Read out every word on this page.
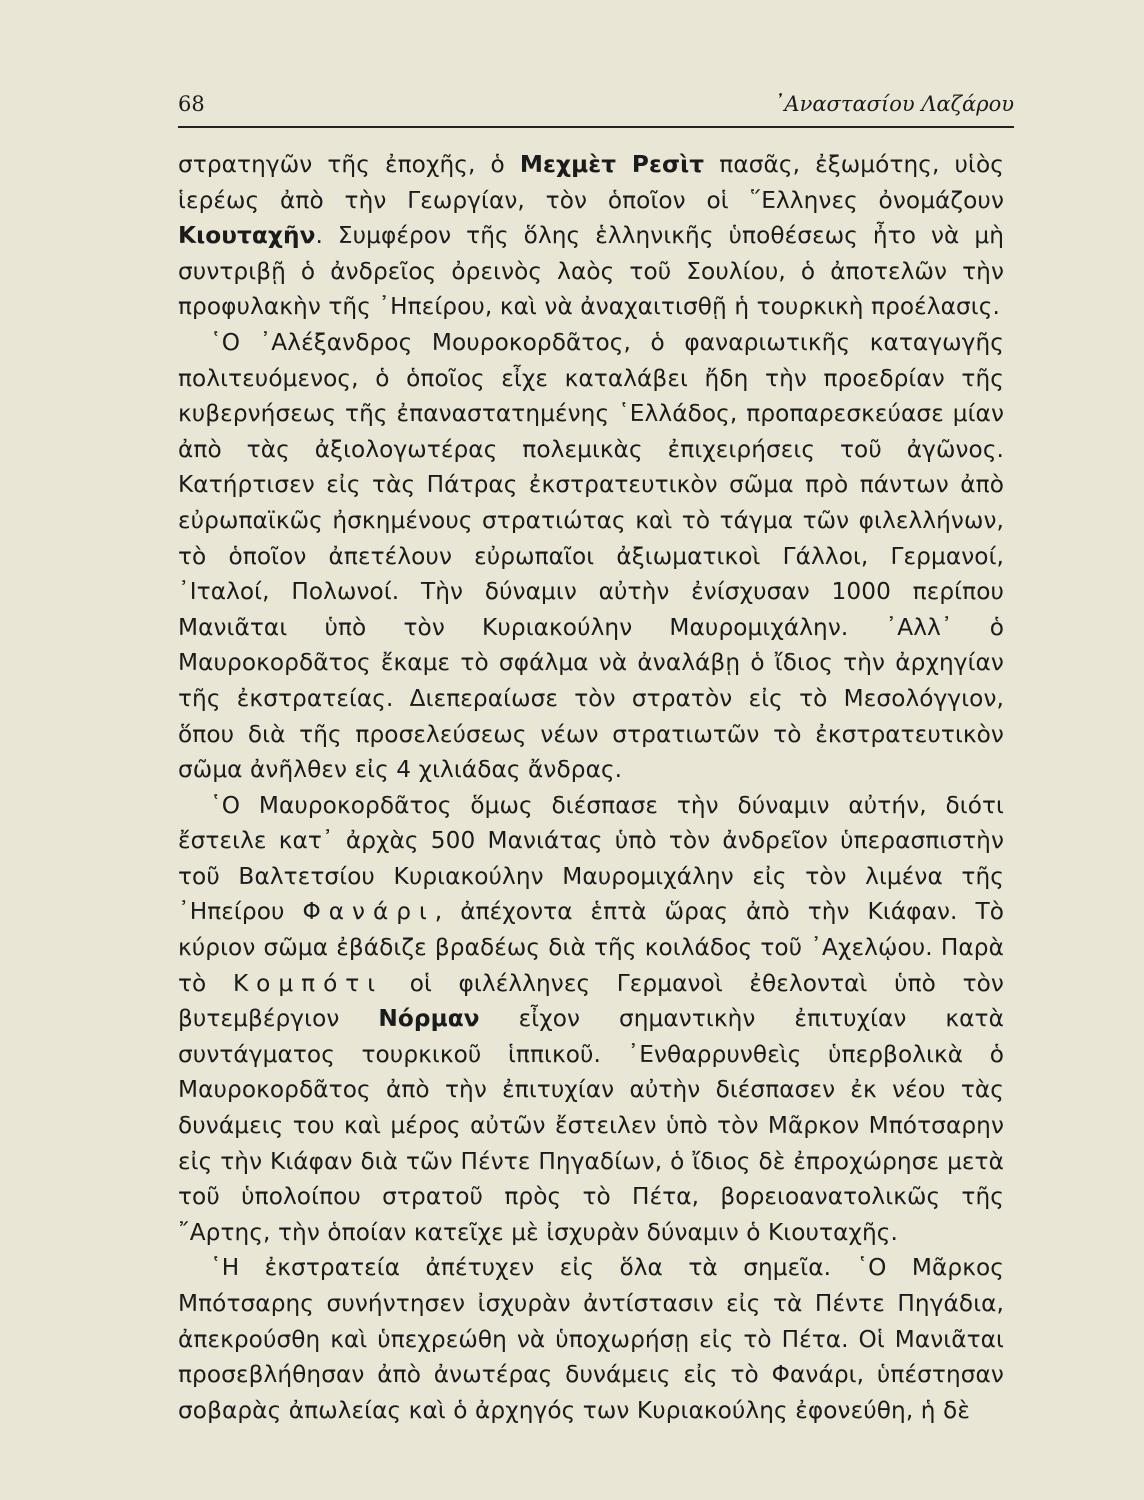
68	᾿Αναστασίου Λαζάρου

στρατηγῶν τῆς ἐποχῆς, ὁ Μεχμὲτ Ρεσὶτ πασᾶς, ἐξωμότης, υἱὸς ἱερέως ἀπὸ τὴν Γεωργίαν, τὸν ὁποῖον οἱ ῞Ελληνες ὀνομάζουν Κιουταχῆν. Συμφέρον τῆς ὅλης ἑλληνικῆς ὑποθέσεως ἦτο νὰ μὴ συντριβῇ ὁ ἀνδρεῖος ὀρεινὸς λαὸς τοῦ Σουλίου, ὁ ἀποτελῶν τὴν προφυλακὴν τῆς ᾿Ηπείρου, καὶ νὰ ἀναχαιτισθῇ ἡ τουρκικὴ προέλασις.

῾Ο ᾿Αλέξανδρος Μουροκορδᾶτος, ὁ φαναριωτικῆς καταγωγῆς πολιτευόμενος, ὁ ὁποῖος εἶχε καταλάβει ἤδη τὴν προεδρίαν τῆς κυβερνήσεως τῆς ἐπαναστατημένης ῾Ελλάδος, προπαρεσκεύασε μίαν ἀπὸ τὰς ἀξιολογωτέρας πολεμικὰς ἐπιχειρήσεις τοῦ ἀγῶνος. Κατήρτισεν εἰς τὰς Πάτρας ἐκστρατευτικὸν σῶμα πρὸ πάντων ἀπὸ εὐρωπαϊκῶς ἠσκημένους στρατιώτας καὶ τὸ τάγμα τῶν φιλελλήνων, τὸ ὁποῖον ἀπετέλουν εὐρωπαῖοι ἀξιωματικοὶ Γάλλοι, Γερμανοί, ᾿Ιταλοί, Πολωνοί. Τὴν δύναμιν αὐτὴν ἐνίσχυσαν 1000 περίπου Μανιᾶται ὑπὸ τὸν Κυριακούλην Μαυρομιχάλην. ᾿Αλλ᾿ ὁ Μαυροκορδᾶτος ἔκαμε τὸ σφάλμα νὰ ἀναλάβῃ ὁ ἴδιος τὴν ἀρχηγίαν τῆς ἐκστρατείας. Διεπεραίωσε τὸν στρατὸν εἰς τὸ Μεσολόγγιον, ὅπου διὰ τῆς προσελεύσεως νέων στρατιωτῶν τὸ ἐκστρατευτικὸν σῶμα ἀνῆλθεν εἰς 4 χιλιάδας ἄνδρας.

῾Ο Μαυροκορδᾶτος ὅμως διέσπασε τὴν δύναμιν αὐτήν, διότι ἔστειλε κατ᾿ ἀρχὰς 500 Μανιάτας ὑπὸ τὸν ἀνδρεῖον ὑπερασπιστὴν τοῦ Βαλτετσίου Κυριακούλην Μαυρομιχάλην εἰς τὸν λιμένα τῆς ᾿Ηπείρου Φανάρι, ἀπέχοντα ἑπτὰ ὥρας ἀπὸ τὴν Κιάφαν. Τὸ κύριον σῶμα ἐβάδιζε βραδέως διὰ τῆς κοιλάδος τοῦ ᾿Αχελῴου. Παρὰ τὸ Κομπότι οἱ φιλέλληνες Γερμανοὶ ἐθελονταὶ ὑπὸ τὸν βυτεμβέργιον Νόρμαν εἶχον σημαντικὴν ἐπιτυχίαν κατὰ συντάγματος τουρκικοῦ ἱππικοῦ. ᾿Ενθαρρυνθεὶς ὑπερβολικὰ ὁ Μαυροκορδᾶτος ἀπὸ τὴν ἐπιτυχίαν αὐτὴν διέσπασεν ἐκ νέου τὰς δυνάμεις του καὶ μέρος αὐτῶν ἔστειλεν ὑπὸ τὸν Μᾶρκον Μπότσαρην εἰς τὴν Κιάφαν διὰ τῶν Πέντε Πηγαδίων, ὁ ἴδιος δὲ ἐπροχώρησε μετὰ τοῦ ὑπολοίπου στρατοῦ πρὸς τὸ Πέτα, βορειοανατολικῶς τῆς ῎Αρτης, τὴν ὁποίαν κατεῖχε μὲ ἰσχυρὰν δύναμιν ὁ Κιουταχῆς.

῾Η ἐκστρατεία ἀπέτυχεν εἰς ὅλα τὰ σημεῖα. ῾Ο Μᾶρκος Μπότσαρης συνήντησεν ἰσχυρὰν ἀντίστασιν εἰς τὰ Πέντε Πηγάδια, ἀπεκρούσθη καὶ ὑπεχρεώθη νὰ ὑποχωρήσῃ εἰς τὸ Πέτα. Οἱ Μανιᾶται προσεβλήθησαν ἀπὸ ἀνωτέρας δυνάμεις εἰς τὸ Φανάρι, ὑπέστησαν σοβαρὰς ἀπωλείας καὶ ὁ ἀρχηγός των Κυριακούλης ἐφονεύθη, ἡ δὲ
